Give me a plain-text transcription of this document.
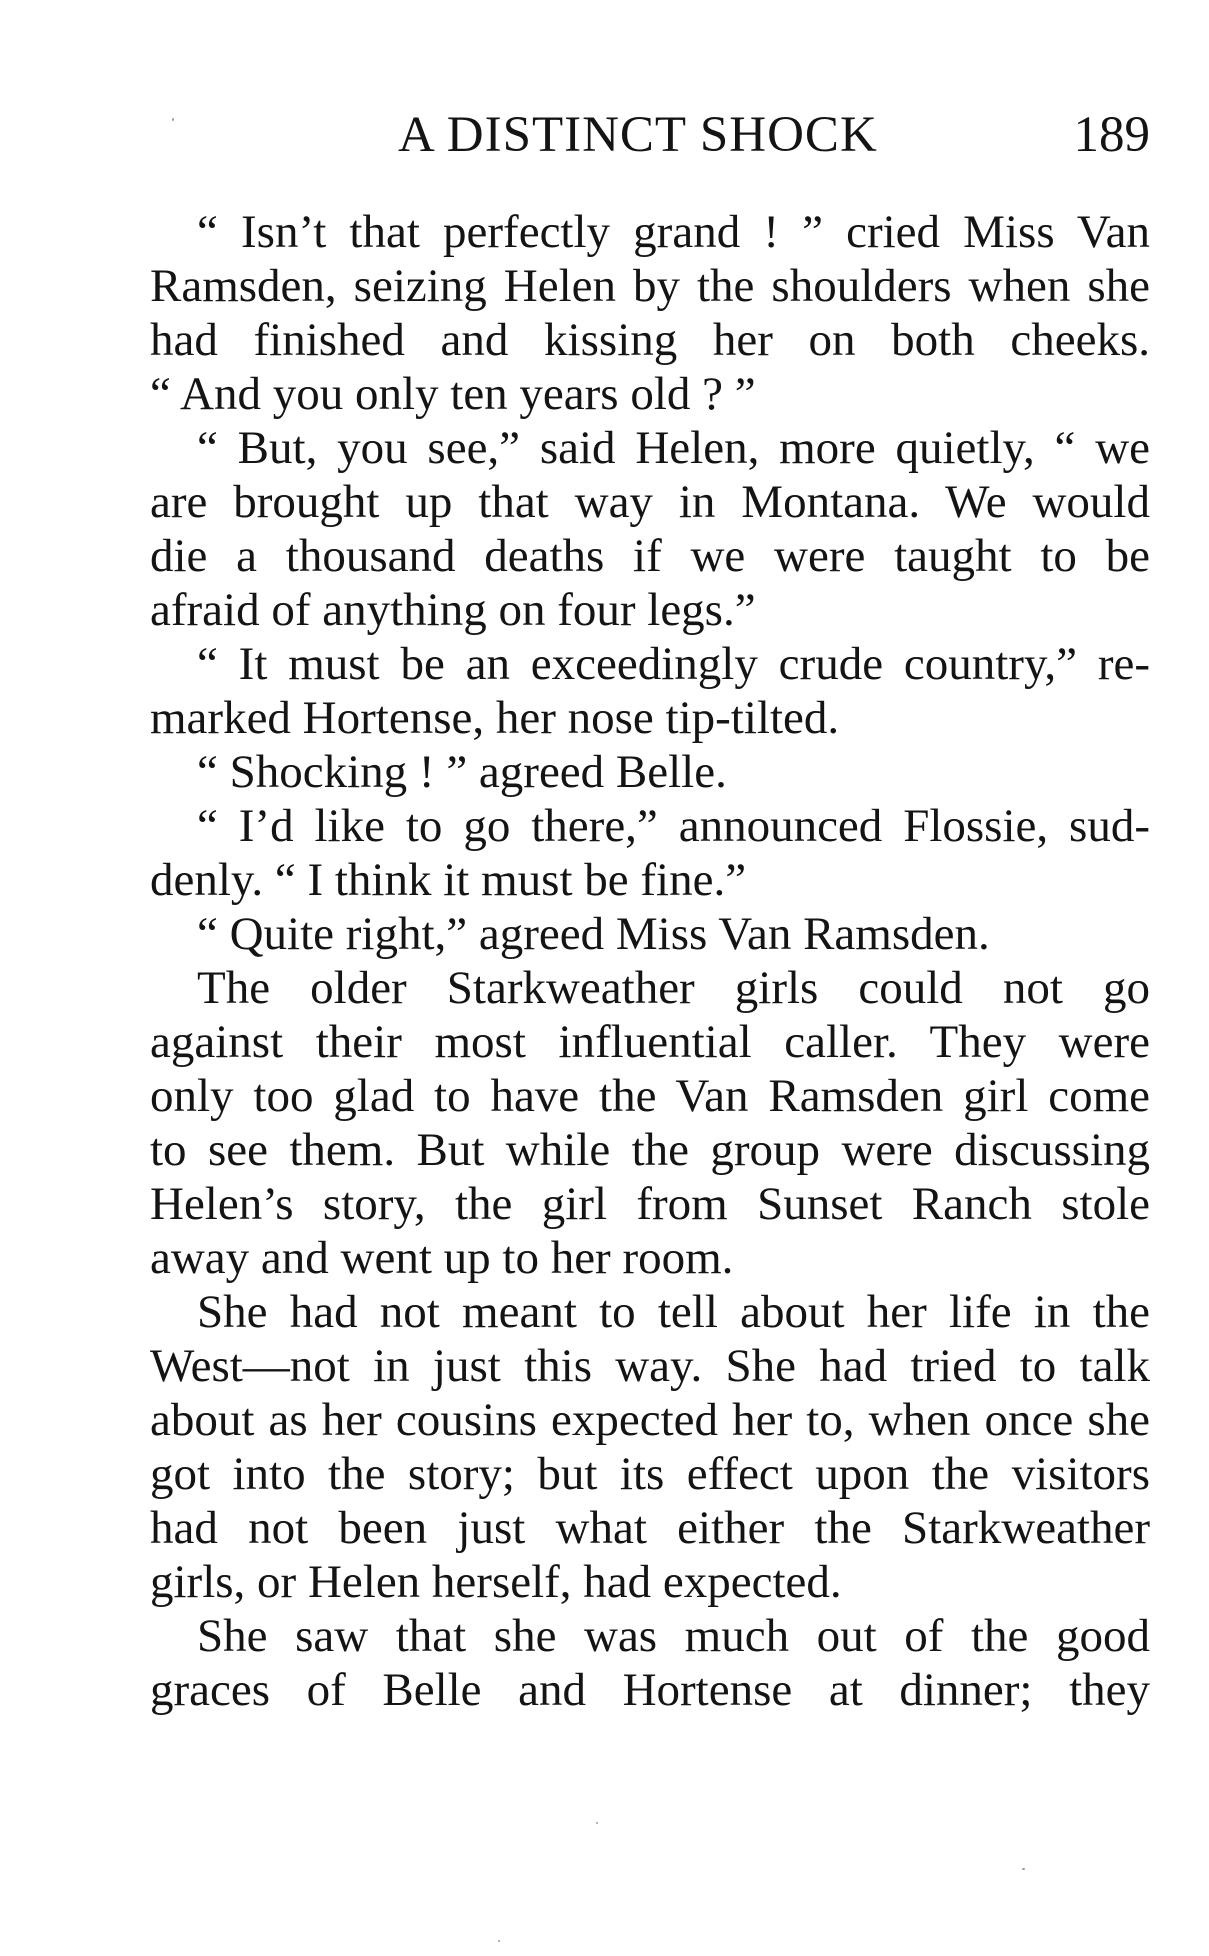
A DISTINCT SHOCK	189
“ Isn’t that perfectly grand ! ” cried Miss Van
Ramsden, seizing Helen by the shoulders when she
had finished and kissing her on both cheeks.
“ And you only ten years old ? ”
“ But, you see,” said Helen, more quietly, “ we
are brought up that way in Montana. We would
die a thousand deaths if we were taught to be
afraid of anything on four legs.”
“ It must be an exceedingly crude country,” re-
marked Hortense, her nose tip-tilted.
“ Shocking ! ” agreed Belle.
“ I’d like to go there,” announced Flossie, sud-
denly. “ I think it must be fine.”
“ Quite right,” agreed Miss Van Ramsden.
The older Starkweather girls could not go
against their most influential caller. They were
only too glad to have the Van Ramsden girl come
to see them. But while the group were discussing
Helen’s story, the girl from Sunset Ranch stole
away and went up to her room.
She had not meant to tell about her life in the
West—not in just this way. She had tried to talk
about as her cousins expected her to, when once she
got into the story; but its effect upon the visitors
had not been just what either the Starkweather
girls, or Helen herself, had expected.
She saw that she was much out of the good
graces of Belle and Hortense at dinner; they
